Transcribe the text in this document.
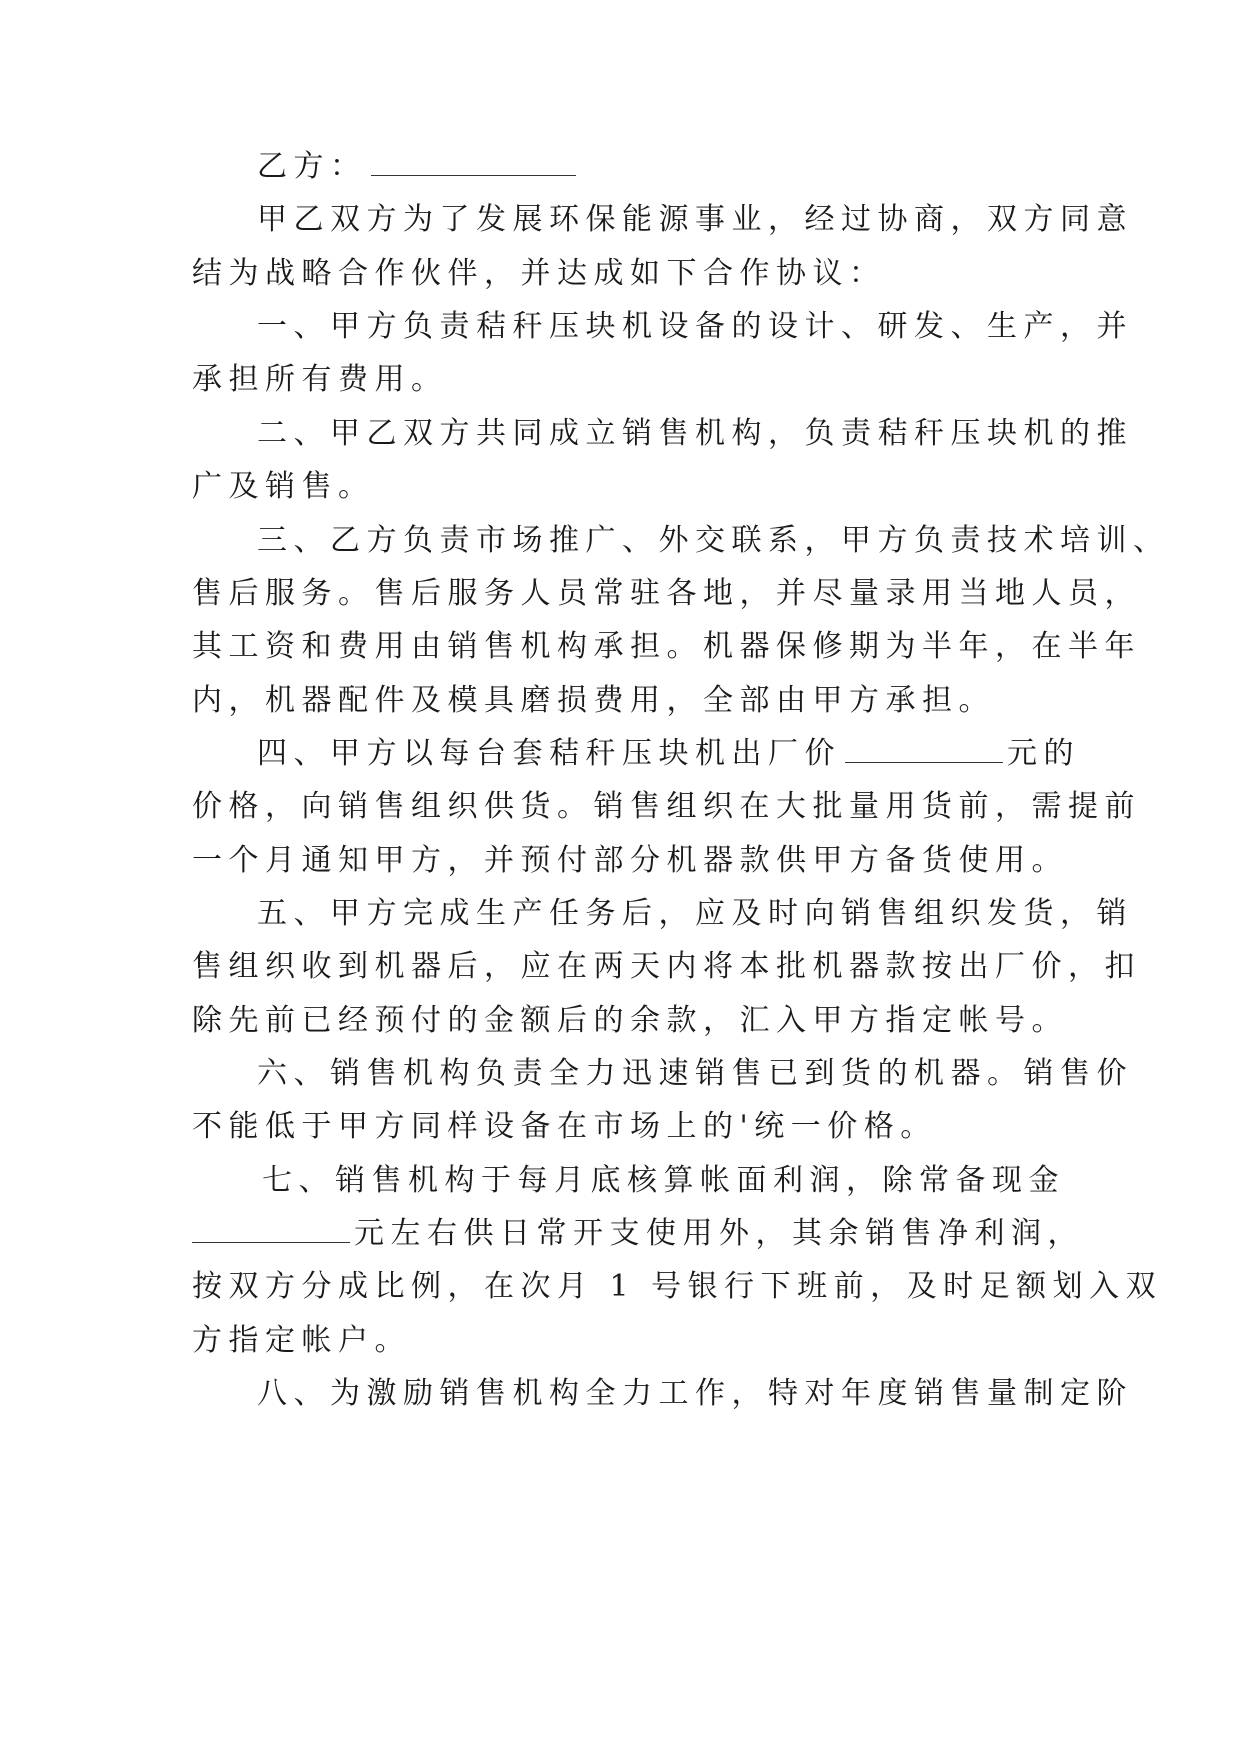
乙方：
甲乙双方为了发展环保能源事业，经过协商，双方同意
结为战略合作伙伴，并达成如下合作协议：
一、甲方负责秸秆压块机设备的设计、研发、生产，并
承担所有费用。
二、甲乙双方共同成立销售机构，负责秸秆压块机的推
广及销售。
三、乙方负责市场推广、外交联系，甲方负责技术培训、
售后服务。售后服务人员常驻各地，并尽量录用当地人员，
其工资和费用由销售机构承担。机器保修期为半年，在半年
内，机器配件及模具磨损费用，全部由甲方承担。
四、甲方以每台套秸秆压块机出厂价	元的
价格，向销售组织供货。销售组织在大批量用货前，需提前
一个月通知甲方，并预付部分机器款供甲方备货使用。
五、甲方完成生产任务后，应及时向销售组织发货，销
售组织收到机器后，应在两天内将本批机器款按出厂价，扣
除先前已经预付的金额后的余款，汇入甲方指定帐号。
六、销售机构负责全力迅速销售已到货的机器。销售价
不能低于甲方同样设备在市场上的'统一价格。
七、销售机构于每月底核算帐面利润，除常备现金
元左右供日常开支使用外，其余销售净利润，
按双方分成比例，在次月 1 号银行下班前，及时足额划入双
方指定帐户。
八、为激励销售机构全力工作，特对年度销售量制定阶
